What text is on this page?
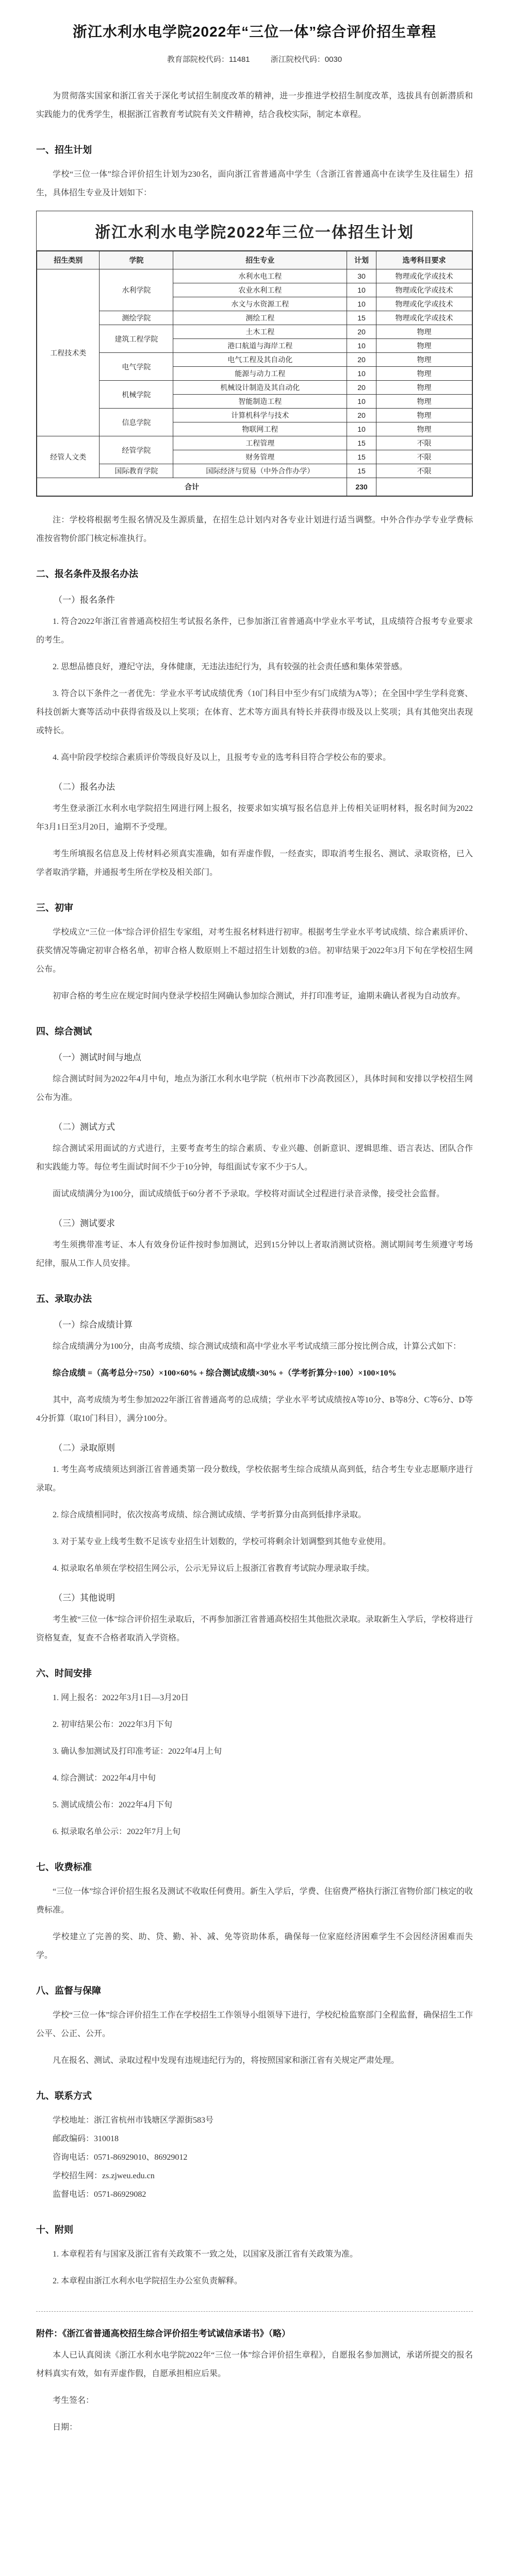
浙江水利水电学院2022年“三位一体”综合评价招生章程
教育部院校代码：11481	浙江院校代码：0030

为贯彻落实国家和浙江省关于深化考试招生制度改革的精神，进一步推进学校招生制度改革，选拔具有创新潜质和实践能力的优秀学生，根据浙江省教育考试院有关文件精神，结合我校实际，制定本章程。

一、招生计划

学校“三位一体”综合评价招生计划为230名，面向浙江省普通高中学生（含浙江省普通高中在读学生及往届生）招生，具体招生专业及计划如下：

浙江水利水电学院2022年三位一体招生计划
招生类别	学院	招生专业	计划	选考科目要求
工程技术类	水利学院	水利水电工程	30	物理或化学或技术
		农业水利工程	10	物理或化学或技术
		水文与水资源工程	10	物理或化学或技术
	测绘学院	测绘工程	15	物理或化学或技术
	建筑工程学院	土木工程	20	物理
		港口航道与海岸工程	10	物理
	电气学院	电气工程及其自动化	20	物理
		能源与动力工程	10	物理
	机械学院	机械设计制造及其自动化	20	物理
		智能制造工程	10	物理
	信息学院	计算机科学与技术	20	物理
		物联网工程	10	物理
经管人文类	经管学院	工程管理	15	不限
		财务管理	15	不限
	国际教育学院	国际经济与贸易（中外合作办学）	15	不限
合计			230	

注：学校将根据考生报名情况及生源质量，在招生总计划内对各专业计划进行适当调整。中外合作办学专业学费标准按省物价部门核定标准执行。

二、报名条件及报名办法
（一）报名条件

1. 符合2022年浙江省普通高校招生考试报名条件，已参加浙江省普通高中学业水平考试，且成绩符合报考专业要求的考生。

2. 思想品德良好，遵纪守法，身体健康，无违法违纪行为，具有较强的社会责任感和集体荣誉感。

3. 符合以下条件之一者优先：学业水平考试成绩优秀（10门科目中至少有5门成绩为A等）；在全国中学生学科竞赛、科技创新大赛等活动中获得省级及以上奖项；在体育、艺术等方面具有特长并获得市级及以上奖项；具有其他突出表现或特长。

4. 高中阶段学校综合素质评价等级良好及以上，且报考专业的选考科目符合学校公布的要求。

（二）报名办法

考生登录浙江水利水电学院招生网进行网上报名，按要求如实填写报名信息并上传相关证明材料，报名时间为2022年3月1日至3月20日，逾期不予受理。

考生所填报名信息及上传材料必须真实准确，如有弄虚作假，一经查实，即取消考生报名、测试、录取资格，已入学者取消学籍，并通报考生所在学校及相关部门。

三、初审

学校成立“三位一体”综合评价招生专家组，对考生报名材料进行初审。根据考生学业水平考试成绩、综合素质评价、获奖情况等确定初审合格名单，初审合格人数原则上不超过招生计划数的3倍。初审结果于2022年3月下旬在学校招生网公布。

初审合格的考生应在规定时间内登录学校招生网确认参加综合测试，并打印准考证，逾期未确认者视为自动放弃。

四、综合测试
（一）测试时间与地点

综合测试时间为2022年4月中旬，地点为浙江水利水电学院（杭州市下沙高教园区），具体时间和安排以学校招生网公布为准。

（二）测试方式

综合测试采用面试的方式进行，主要考查考生的综合素质、专业兴趣、创新意识、逻辑思维、语言表达、团队合作和实践能力等。每位考生面试时间不少于10分钟，每组面试专家不少于5人。

面试成绩满分为100分，面试成绩低于60分者不予录取。学校将对面试全过程进行录音录像，接受社会监督。

（三）测试要求

考生须携带准考证、本人有效身份证件按时参加测试，迟到15分钟以上者取消测试资格。测试期间考生须遵守考场纪律，服从工作人员安排。

五、录取办法
（一）综合成绩计算

综合成绩满分为100分，由高考成绩、综合测试成绩和高中学业水平考试成绩三部分按比例合成，计算公式如下：

综合成绩 =（高考总分÷750）×100×60% + 综合测试成绩×30% +（学考折算分÷100）×100×10%

其中，高考成绩为考生参加2022年浙江省普通高考的总成绩；学业水平考试成绩按A等10分、B等8分、C等6分、D等4分折算（取10门科目），满分100分。

（二）录取原则

1. 考生高考成绩须达到浙江省普通类第一段分数线，学校依据考生综合成绩从高到低，结合考生专业志愿顺序进行录取。

2. 综合成绩相同时，依次按高考成绩、综合测试成绩、学考折算分由高到低排序录取。

3. 对于某专业上线考生数不足该专业招生计划数的，学校可将剩余计划调整到其他专业使用。

4. 拟录取名单须在学校招生网公示，公示无异议后上报浙江省教育考试院办理录取手续。

（三）其他说明

考生被“三位一体”综合评价招生录取后，不再参加浙江省普通高校招生其他批次录取。录取新生入学后，学校将进行资格复查，复查不合格者取消入学资格。

六、时间安排

1. 网上报名：2022年3月1日—3月20日

2. 初审结果公布：2022年3月下旬

3. 确认参加测试及打印准考证：2022年4月上旬

4. 综合测试：2022年4月中旬

5. 测试成绩公布：2022年4月下旬

6. 拟录取名单公示：2022年7月上旬

七、收费标准

“三位一体”综合评价招生报名及测试不收取任何费用。新生入学后，学费、住宿费严格执行浙江省物价部门核定的收费标准。

学校建立了完善的奖、助、贷、勤、补、减、免等资助体系，确保每一位家庭经济困难学生不会因经济困难而失学。

八、监督与保障

学校“三位一体”综合评价招生工作在学校招生工作领导小组领导下进行，学校纪检监察部门全程监督，确保招生工作公平、公正、公开。

凡在报名、测试、录取过程中发现有违规违纪行为的，将按照国家和浙江省有关规定严肃处理。

九、联系方式

学校地址：浙江省杭州市钱塘区学源街583号

邮政编码：310018

咨询电话：0571-86929010、86929012

学校招生网：zs.zjweu.edu.cn

监督电话：0571-86929082

十、附则

1. 本章程若有与国家及浙江省有关政策不一致之处，以国家及浙江省有关政策为准。

2. 本章程由浙江水利水电学院招生办公室负责解释。

附件：《浙江省普通高校招生综合评价招生考试诚信承诺书》（略）

本人已认真阅读《浙江水利水电学院2022年“三位一体”综合评价招生章程》，自愿报名参加测试，承诺所提交的报名材料真实有效，如有弄虚作假，自愿承担相应后果。

考生签名：

日期：
